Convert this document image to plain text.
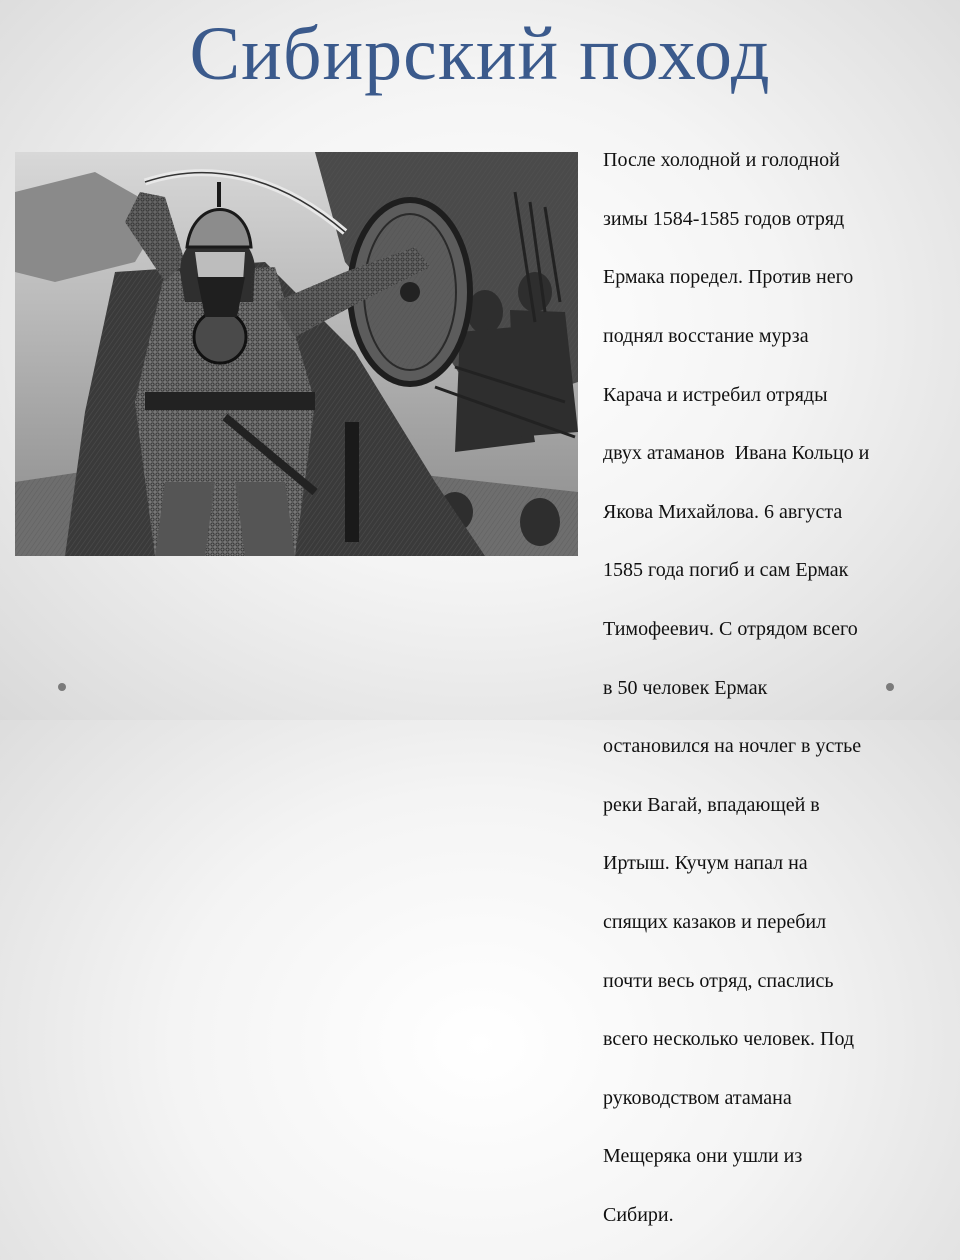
Сибирский поход

После холодной и голодной

зимы 1584-1585 годов отряд

Ермака поредел. Против него

поднял восстание мурза

Карача и истребил отряды

двух атаманов  Ивана Кольцо и

Якова Михайлова. 6 августа

1585 года погиб и сам Ермак

Тимофеевич. С отрядом всего

в 50 человек Ермак

остановился на ночлег в устье

реки Вагай, впадающей в

Иртыш. Кучум напал на

спящих казаков и перебил

почти весь отряд, спаслись

всего несколько человек. Под

руководством атамана

Мещеряка они ушли из

Сибири.
